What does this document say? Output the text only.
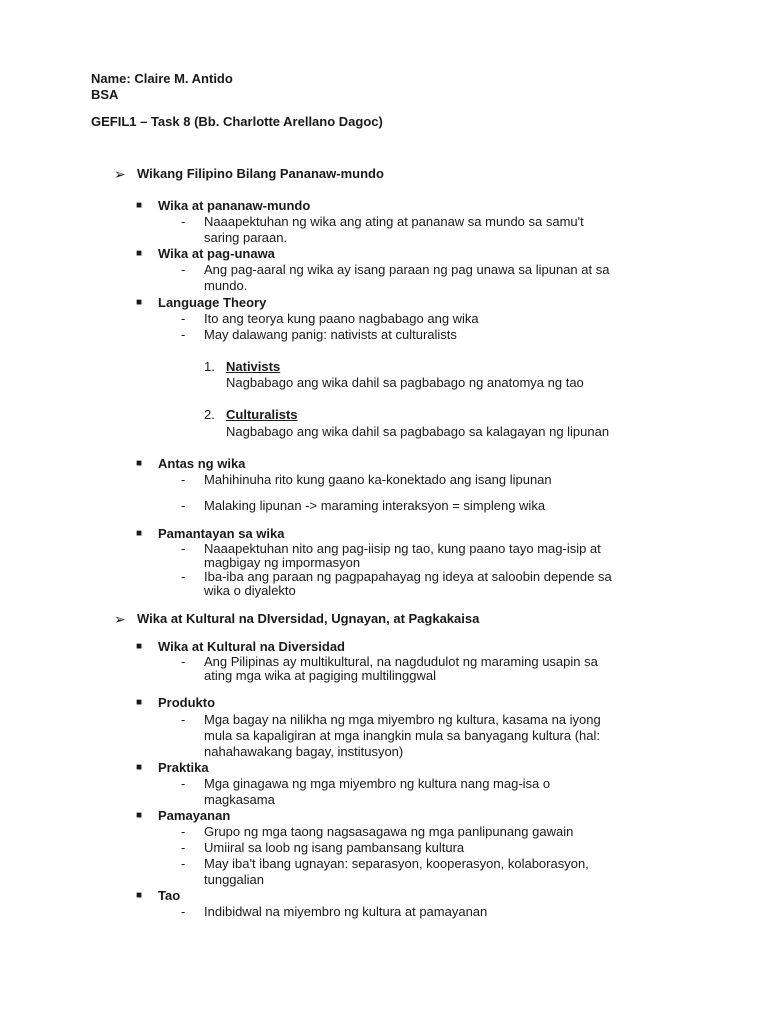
Name: Claire M. Antido
BSA
GEFIL1 – Task 8 (Bb. Charlotte Arellano Dagoc)
➢ Wikang Filipino Bilang Pananaw-mundo
■ Wika at pananaw-mundo
- Naaapektuhan ng wika ang ating at pananaw sa mundo sa samu't
saring paraan.
■ Wika at pag-unawa
- Ang pag-aaral ng wika ay isang paraan ng pag unawa sa lipunan at sa
mundo.
■ Language Theory
- Ito ang teorya kung paano nagbabago ang wika
- May dalawang panig: nativists at culturalists
1. Nativists
Nagbabago ang wika dahil sa pagbabago ng anatomya ng tao
2. Culturalists
Nagbabago ang wika dahil sa pagbabago sa kalagayan ng lipunan
■ Antas ng wika
- Mahihinuha rito kung gaano ka-konektado ang isang lipunan
- Malaking lipunan -> maraming interaksyon = simpleng wika
■ Pamantayan sa wika
- Naaapektuhan nito ang pag-iisip ng tao, kung paano tayo mag-isip at
magbigay ng impormasyon
- Iba-iba ang paraan ng pagpapahayag ng ideya at saloobin depende sa
wika o diyalekto
➢ Wika at Kultural na DIversidad, Ugnayan, at Pagkakaisa
■ Wika at Kultural na Diversidad
- Ang Pilipinas ay multikultural, na nagdudulot ng maraming usapin sa
ating mga wika at pagiging multilinggwal
■ Produkto
- Mga bagay na nilikha ng mga miyembro ng kultura, kasama na iyong
mula sa kapaligiran at mga inangkin mula sa banyagang kultura (hal:
nahahawakang bagay, institusyon)
■ Praktika
- Mga ginagawa ng mga miyembro ng kultura nang mag-isa o
magkasama
■ Pamayanan
- Grupo ng mga taong nagsasagawa ng mga panlipunang gawain
- Umiiral sa loob ng isang pambansang kultura
- May iba't ibang ugnayan: separasyon, kooperasyon, kolaborasyon,
tunggalian
■ Tao
- Indibidwal na miyembro ng kultura at pamayanan
